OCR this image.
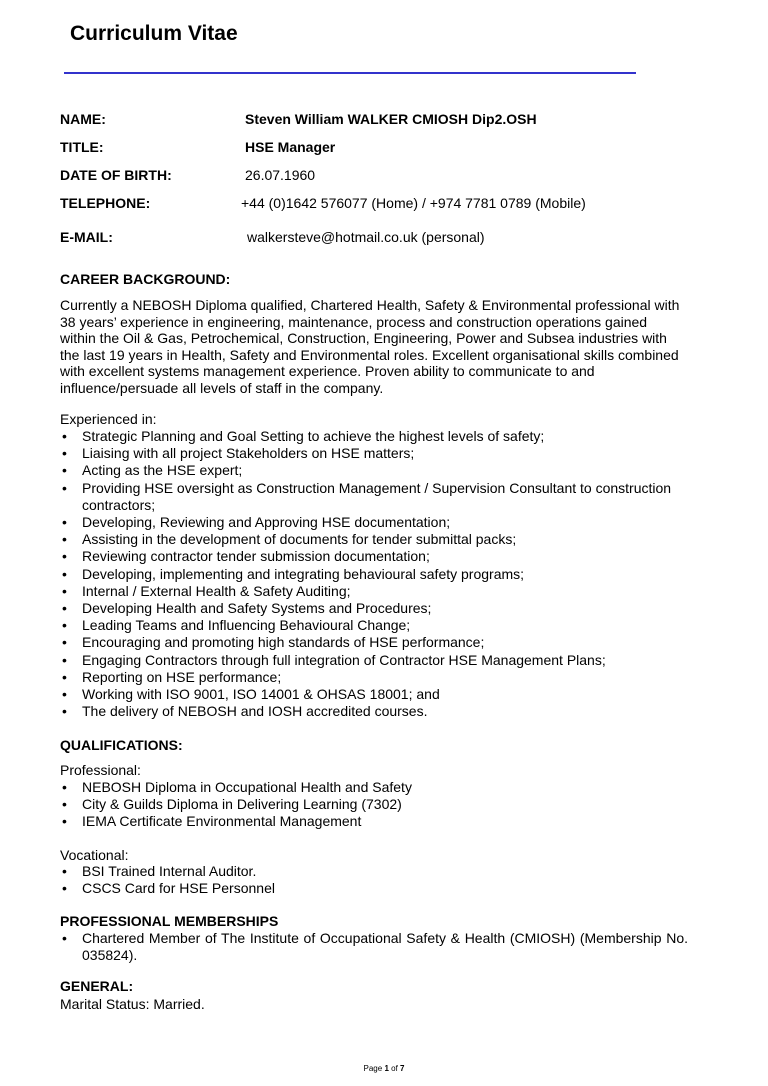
Curriculum Vitae
NAME:	Steven William WALKER CMIOSH Dip2.OSH
TITLE:	HSE Manager
DATE OF BIRTH:	26.07.1960
TELEPHONE:	+44 (0)1642 576077 (Home) / +974 7781 0789 (Mobile)
E-MAIL:	walkersteve@hotmail.co.uk (personal)
CAREER BACKGROUND:
Currently a NEBOSH Diploma qualified, Chartered Health, Safety & Environmental professional with
38 years’ experience in engineering, maintenance, process and construction operations gained
within the Oil & Gas, Petrochemical, Construction, Engineering, Power and Subsea industries with
the last 19 years in Health, Safety and Environmental roles. Excellent organisational skills combined
with excellent systems management experience. Proven ability to communicate to and
influence/persuade all levels of staff in the company.
Experienced in:
• Strategic Planning and Goal Setting to achieve the highest levels of safety;
• Liaising with all project Stakeholders on HSE matters;
• Acting as the HSE expert;
• Providing HSE oversight as Construction Management / Supervision Consultant to construction contractors;
• Developing, Reviewing and Approving HSE documentation;
• Assisting in the development of documents for tender submittal packs;
• Reviewing contractor tender submission documentation;
• Developing, implementing and integrating behavioural safety programs;
• Internal / External Health & Safety Auditing;
• Developing Health and Safety Systems and Procedures;
• Leading Teams and Influencing Behavioural Change;
• Encouraging and promoting high standards of HSE performance;
• Engaging Contractors through full integration of Contractor HSE Management Plans;
• Reporting on HSE performance;
• Working with ISO 9001, ISO 14001 & OHSAS 18001; and
• The delivery of NEBOSH and IOSH accredited courses.
QUALIFICATIONS:
Professional:
• NEBOSH Diploma in Occupational Health and Safety
• City & Guilds Diploma in Delivering Learning (7302)
• IEMA Certificate Environmental Management
Vocational:
• BSI Trained Internal Auditor.
• CSCS Card for HSE Personnel
PROFESSIONAL MEMBERSHIPS
• Chartered Member of The Institute of Occupational Safety & Health (CMIOSH) (Membership No. 035824).
GENERAL:
Marital Status: Married.
Page 1 of 7
